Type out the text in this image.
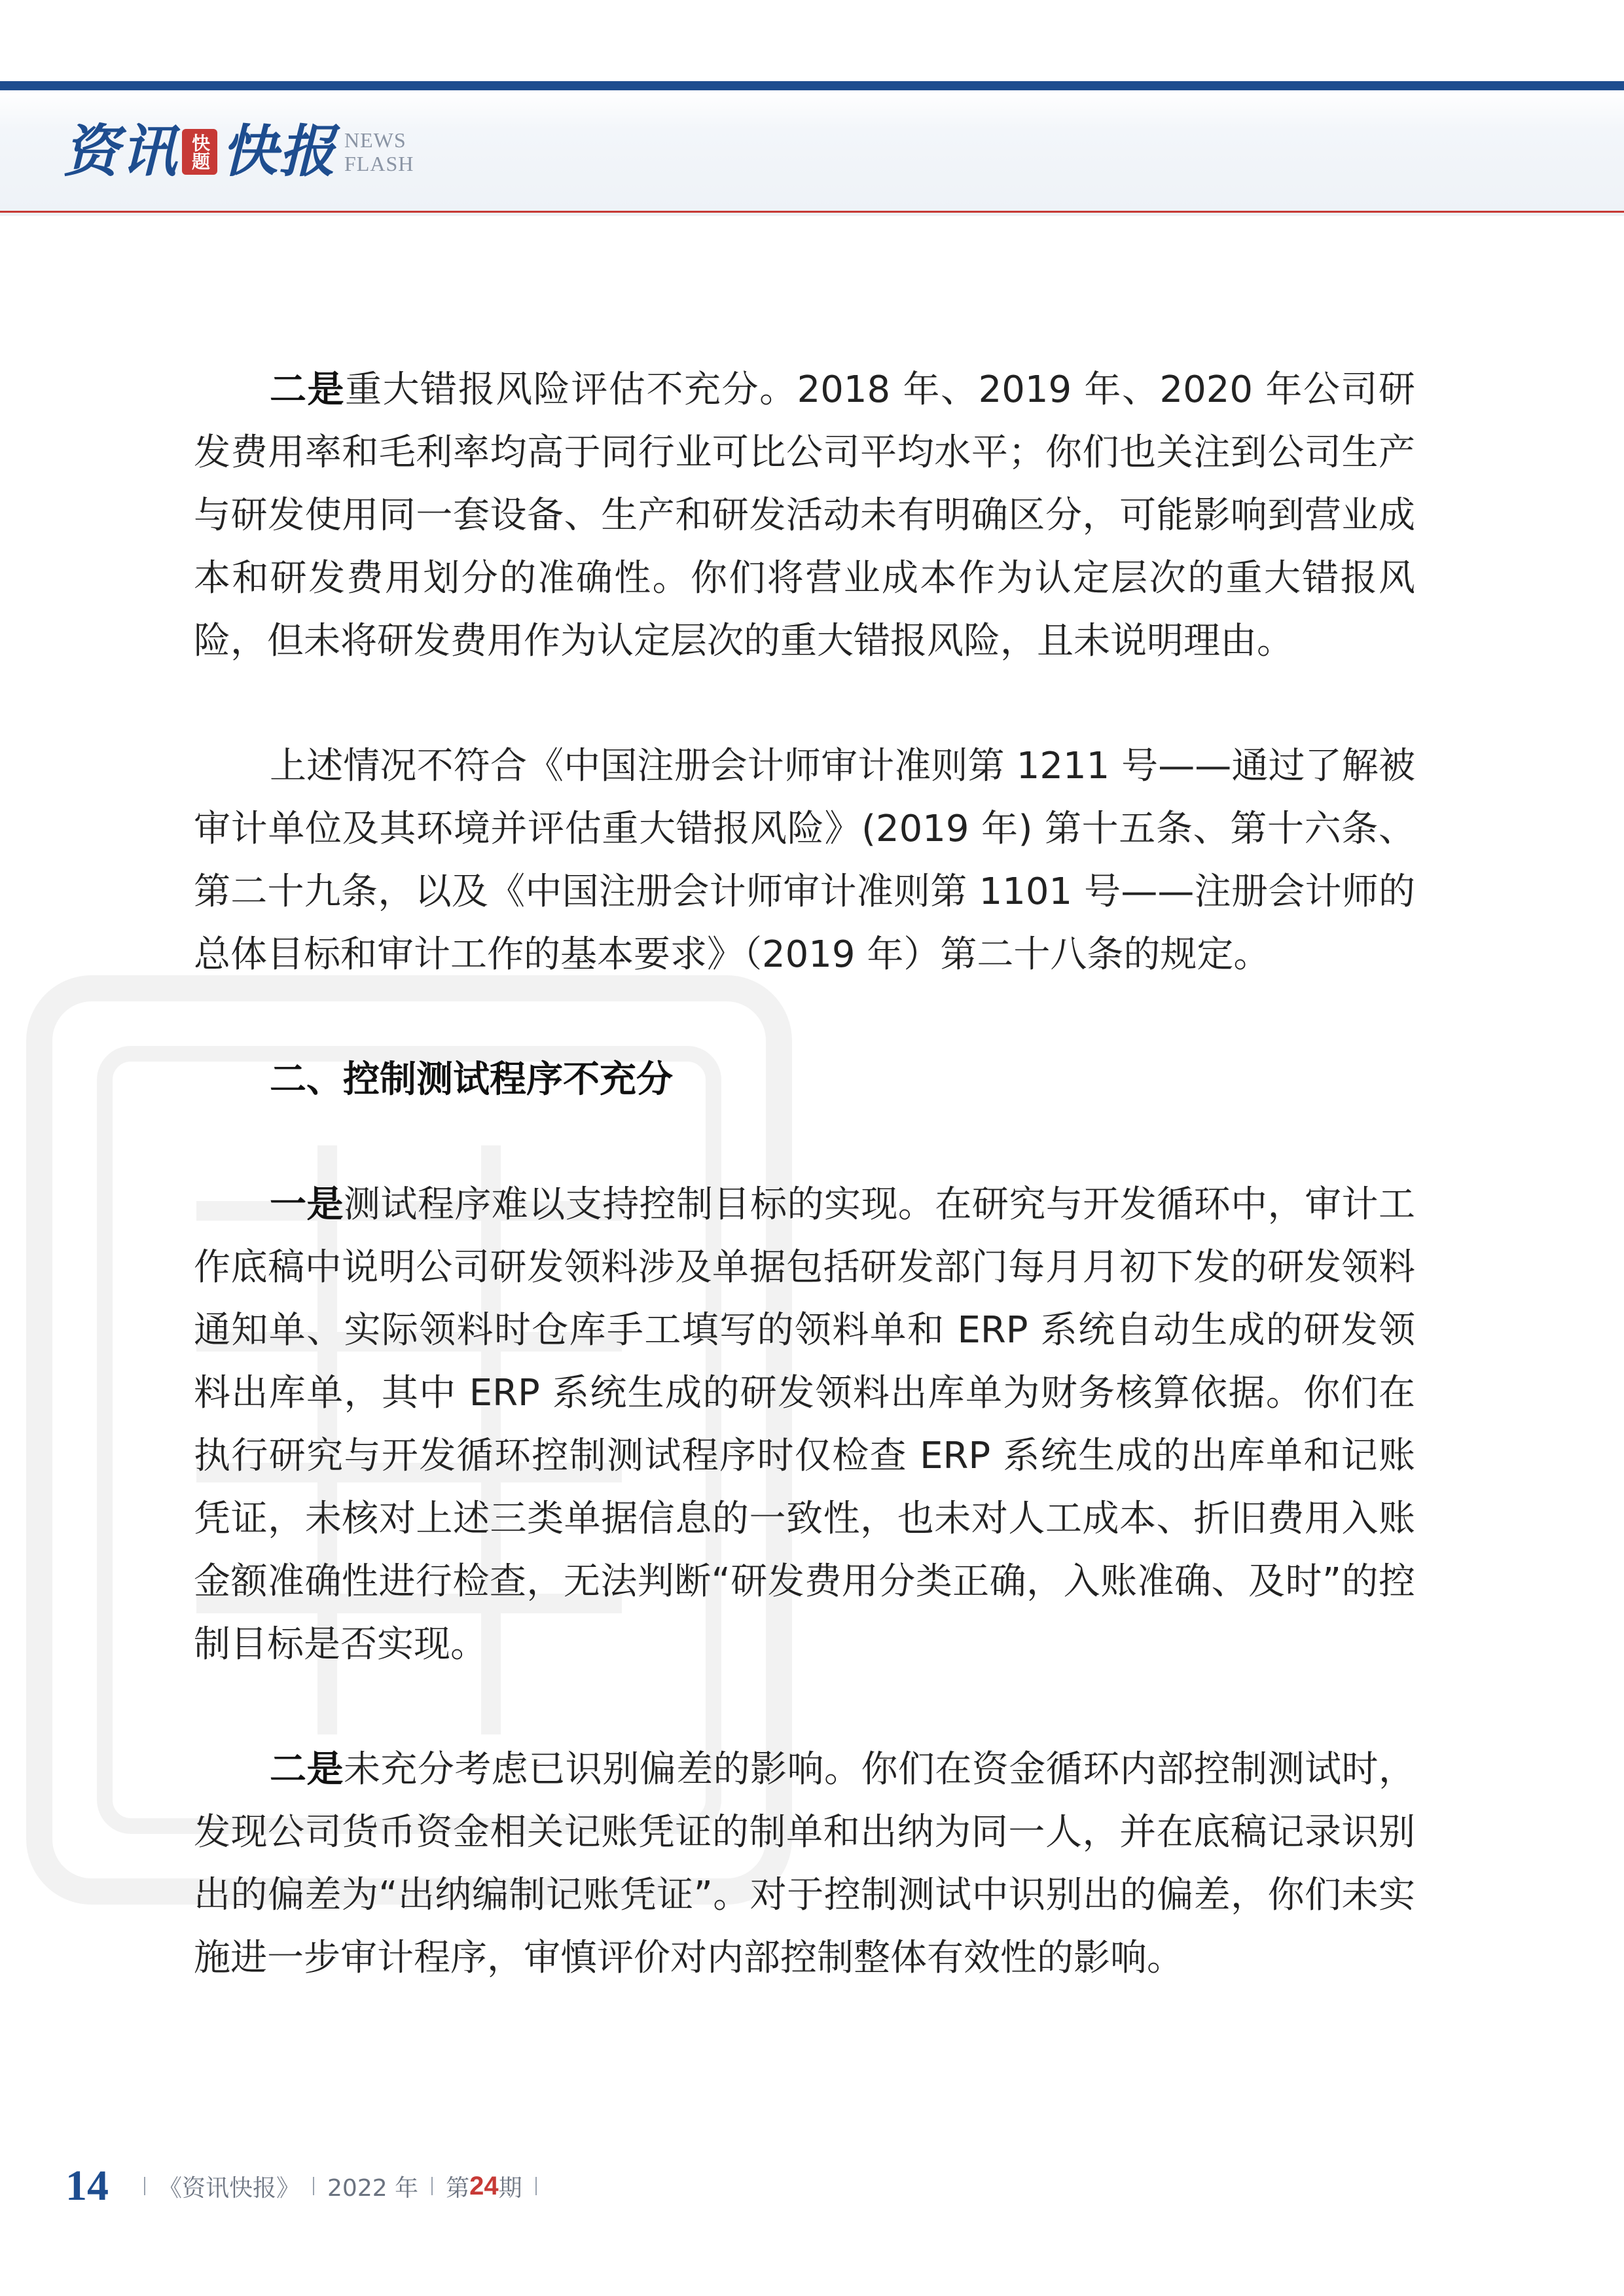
资讯 快题 快报 NEWS
FLASH

二是重大错报风险评估不充分。2018 年、2019 年、2020 年公司研发费用率和毛利率均高于同行业可比公司平均水平；你们也关注到公司生产与研发使用同一套设备、生产和研发活动未有明确区分，可能影响到营业成本和研发费用划分的准确性。你们将营业成本作为认定层次的重大错报风险，但未将研发费用作为认定层次的重大错报风险，且未说明理由。

上述情况不符合《中国注册会计师审计准则第 1211 号——通过了解被审计单位及其环境并评估重大错报风险》(2019 年) 第十五条、第十六条、第二十九条，以及《中国注册会计师审计准则第 1101 号——注册会计师的总体目标和审计工作的基本要求》（2019 年）第二十八条的规定。

二、控制测试程序不充分

一是测试程序难以支持控制目标的实现。在研究与开发循环中，审计工作底稿中说明公司研发领料涉及单据包括研发部门每月月初下发的研发领料通知单、实际领料时仓库手工填写的领料单和 ERP 系统自动生成的研发领料出库单，其中 ERP 系统生成的研发领料出库单为财务核算依据。你们在执行研究与开发循环控制测试程序时仅检查 ERP 系统生成的出库单和记账凭证，未核对上述三类单据信息的一致性，也未对人工成本、折旧费用入账金额准确性进行检查，无法判断“研发费用分类正确，入账准确、及时”的控制目标是否实现。

二是未充分考虑已识别偏差的影响。你们在资金循环内部控制测试时，发现公司货币资金相关记账凭证的制单和出纳为同一人，并在底稿记录识别出的偏差为“出纳编制记账凭证”。对于控制测试中识别出的偏差，你们未实施进一步审计程序，审慎评价对内部控制整体有效性的影响。

14 《资讯快报》 2022 年 第 24 期
